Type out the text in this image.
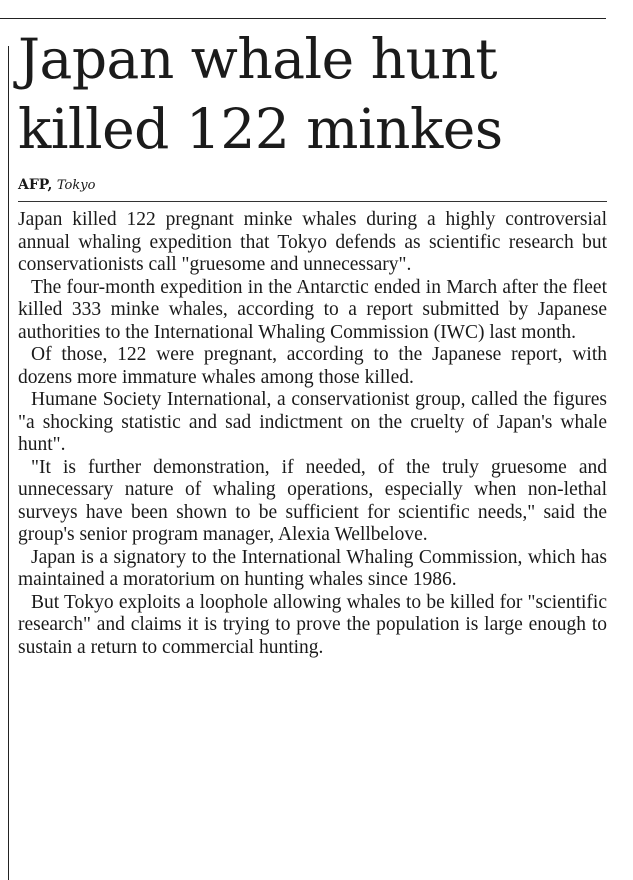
Japan whale hunt
killed 122 minkes
AFP, Tokyo

Japan killed 122 pregnant minke whales during a highly controversial annual whaling expedition that Tokyo defends as scientific research but conservationists call "gruesome and unnecessary".

The four-month expedition in the Antarctic ended in March after the fleet killed 333 minke whales, according to a report submitted by Japanese authorities to the International Whaling Commission (IWC) last month.

Of those, 122 were pregnant, according to the Japanese report, with dozens more immature whales among those killed.

Humane Society International, a conservationist group, called the figures "a shocking statistic and sad indictment on the cruelty of Japan's whale hunt".

"It is further demonstration, if needed, of the truly gruesome and unnecessary nature of whaling operations, especially when non-lethal surveys have been shown to be sufficient for scientific needs," said the group's senior program manager, Alexia Wellbelove.

Japan is a signatory to the International Whaling Commission, which has maintained a moratorium on hunting whales since 1986.

But Tokyo exploits a loophole allowing whales to be killed for "scientific research" and claims it is trying to prove the population is large enough to sustain a return to commercial hunting.
